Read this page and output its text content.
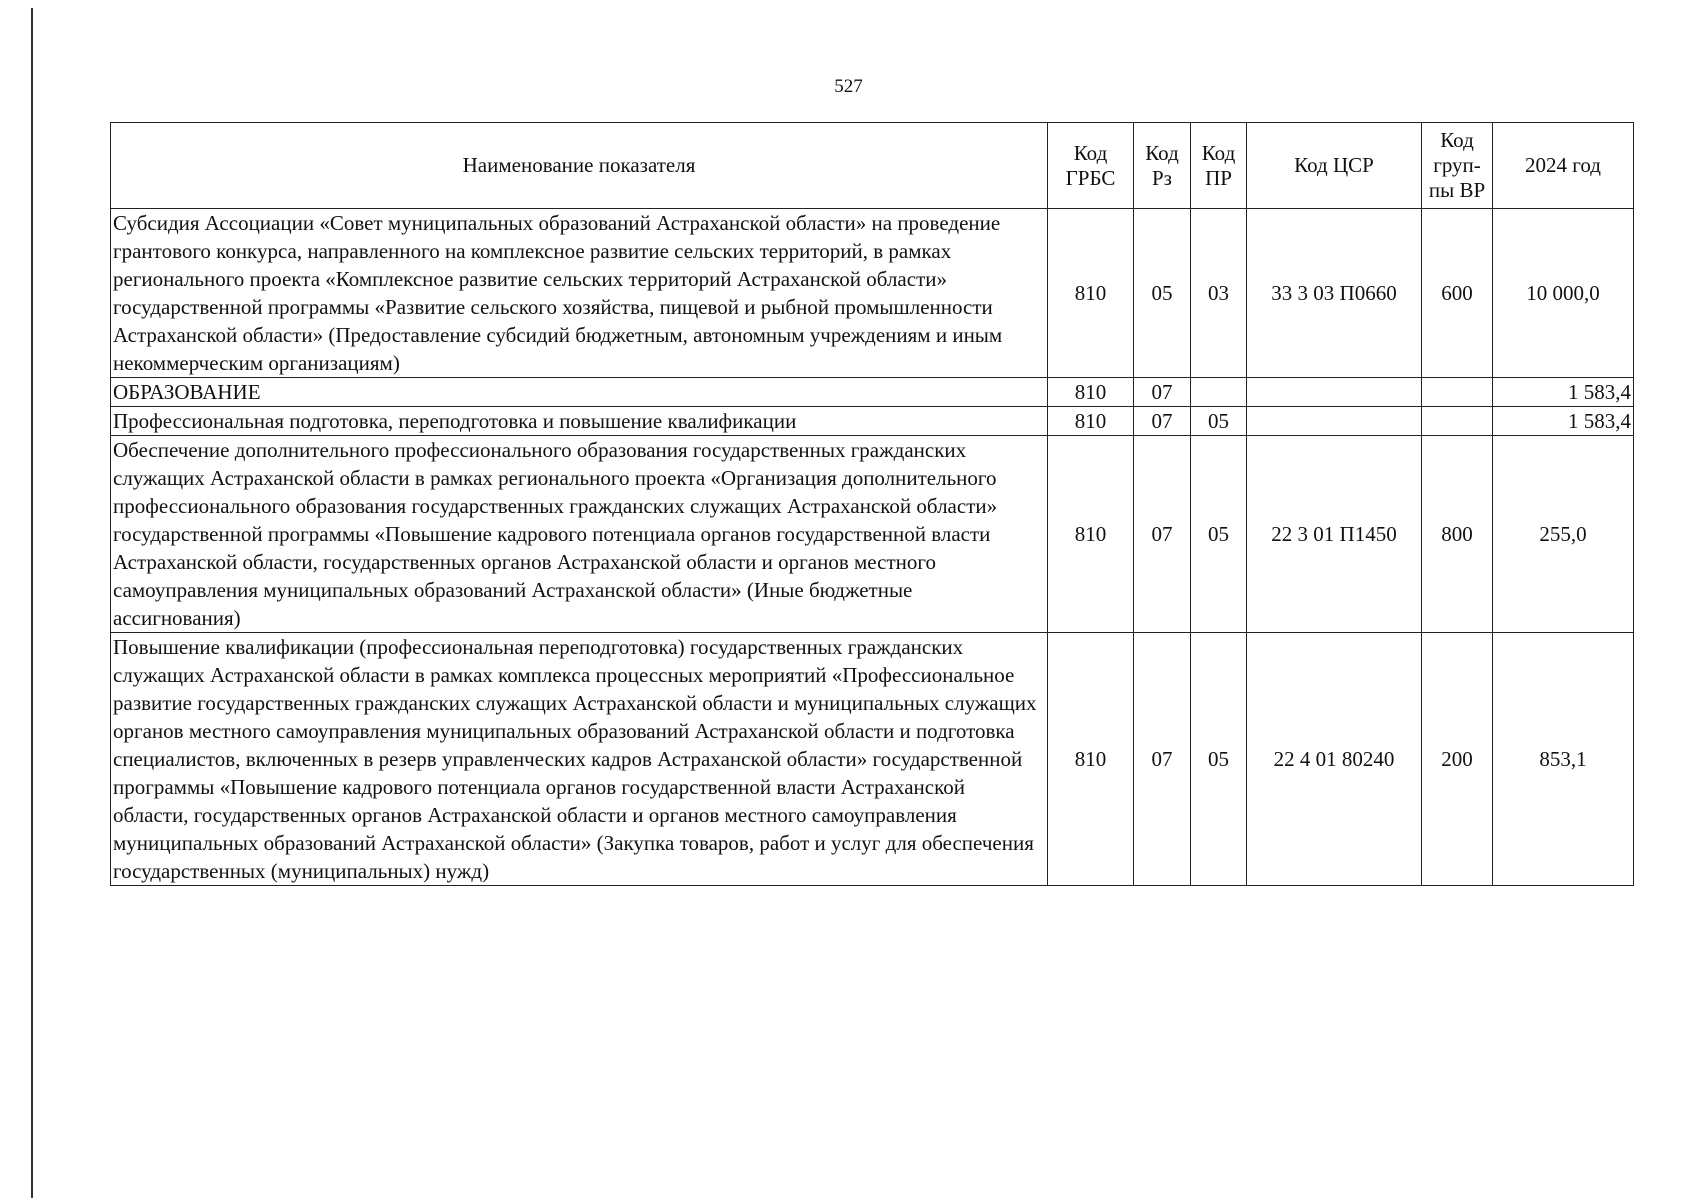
527
Наименование показателя	Код ГРБС	Код Рз	Код ПР	Код ЦСР	Код груп-пы ВР	2024 год
Субсидия Ассоциации «Совет муниципальных образований Астраханской области» на проведение грантового конкурса, направленного на комплексное развитие сельских территорий, в рамках регионального проекта «Комплексное развитие сельских территорий Астраханской области» государственной программы «Развитие сельского хозяйства, пищевой и рыбной промышленности Астраханской области» (Предоставление субсидий бюджетным, автономным учреждениям и иным некоммерческим организациям)	810	05	03	33 3 03 П0660	600	10 000,0
ОБРАЗОВАНИЕ	810	07				1 583,4
Профессиональная подготовка, переподготовка и повышение квалификации	810	07	05			1 583,4
Обеспечение дополнительного профессионального образования государственных гражданских служащих Астраханской области в рамках регионального проекта «Организация дополнительного профессионального образования государственных гражданских служащих Астраханской области» государственной программы «Повышение кадрового потенциала органов государственной власти Астраханской области, государственных органов Астраханской области и органов местного самоуправления муниципальных образований Астраханской области» (Иные бюджетные ассигнования)	810	07	05	22 3 01 П1450	800	255,0
Повышение квалификации (профессиональная переподготовка) государственных гражданских служащих Астраханской области в рамках комплекса процессных мероприятий «Профессиональное развитие государственных гражданских служащих Астраханской области и муниципальных служащих органов местного самоуправления муниципальных образований Астраханской области и подготовка специалистов, включенных в резерв управленческих кадров Астраханской области» государственной программы «Повышение кадрового потенциала органов государственной власти Астраханской области, государственных органов Астраханской области и органов местного самоуправления муниципальных образований Астраханской области» (Закупка товаров, работ и услуг для обеспечения государственных (муниципальных) нужд)	810	07	05	22 4 01 80240	200	853,1
